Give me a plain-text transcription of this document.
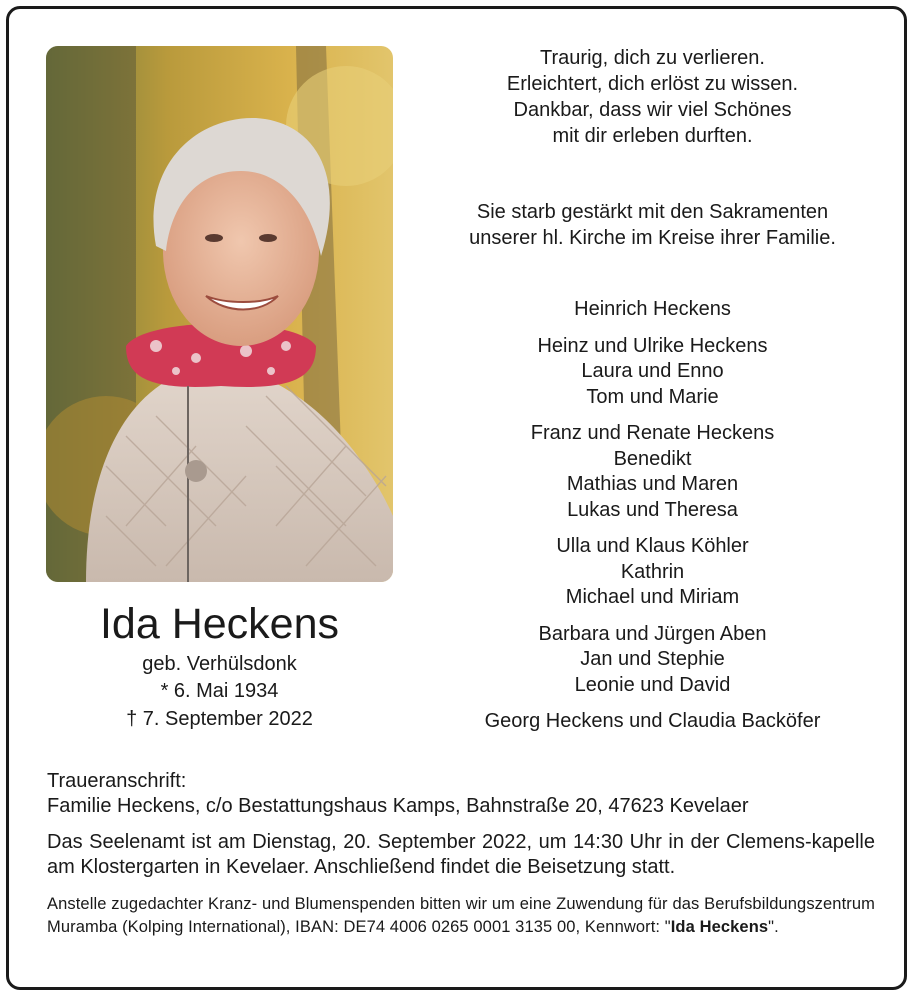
Ida Heckens
geb. Verhülsdonk
* 6. Mai 1934
† 7. September 2022
Traurig, dich zu verlieren.
Erleichtert, dich erlöst zu wissen.
Dankbar, dass wir viel Schönes
mit dir erleben durften.
Sie starb gestärkt mit den Sakramenten
unserer hl. Kirche im Kreise ihrer Familie.
Heinrich Heckens
Heinz und Ulrike Heckens
Laura und Enno
Tom und Marie
Franz und Renate Heckens
Benedikt
Mathias und Maren
Lukas und Theresa
Ulla und Klaus Köhler
Kathrin
Michael und Miriam
Barbara und Jürgen Aben
Jan und Stephie
Leonie und David
Georg Heckens und Claudia Backöfer
Traueranschrift:
Familie Heckens, c/o Bestattungshaus Kamps, Bahnstraße 20, 47623 Kevelaer
Das Seelenamt ist am Dienstag, 20. September 2022, um 14:30 Uhr in der Clemens-kapelle am Klostergarten in Kevelaer. Anschließend findet die Beisetzung statt.
Anstelle zugedachter Kranz- und Blumenspenden bitten wir um eine Zuwendung für das Berufsbildungszentrum Muramba (Kolping International), IBAN: DE74 4006 0265 0001 3135 00, Kennwort: "Ida Heckens".
